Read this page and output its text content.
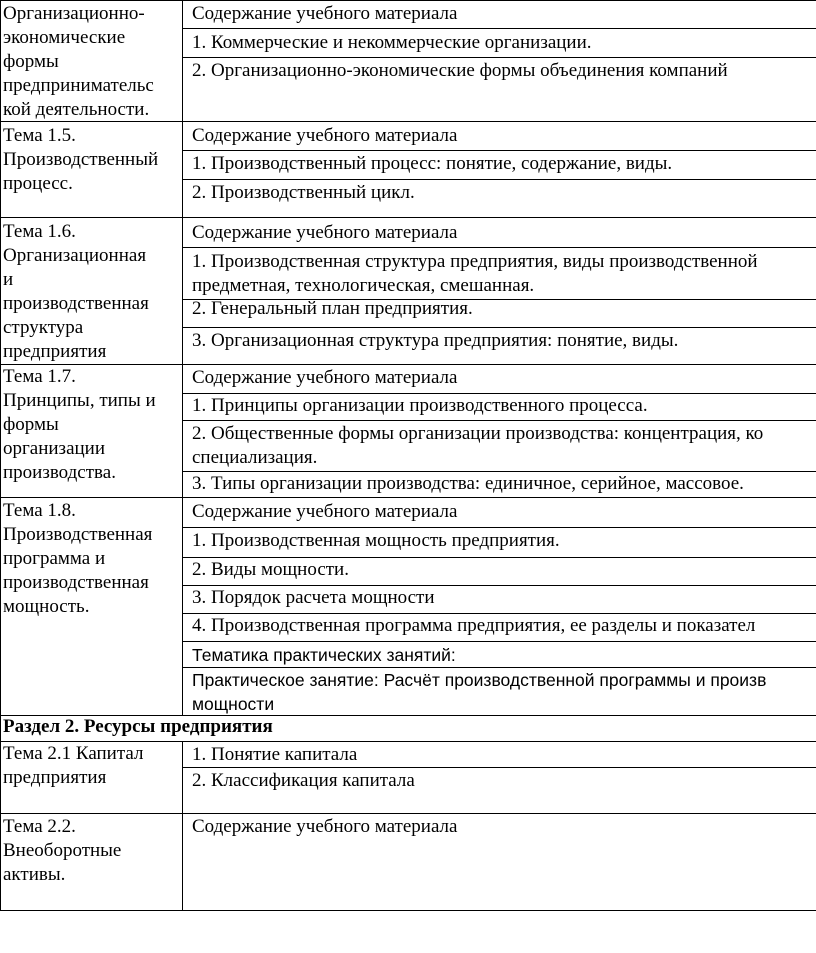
Организационно-
экономические
формы
предпринимательс
кой деятельности.
Содержание учебного материала
1. Коммерческие и некоммерческие организации.
2. Организационно-экономические формы объединения компаний
Тема 1.5.
Производственный
процесс.
Содержание учебного материала
1. Производственный процесс: понятие, содержание, виды.
2. Производственный цикл.
Тема 1.6.
Организационная
и
производственная
структура
предприятия
Содержание учебного материала
1. Производственная структура предприятия, виды производственной
предметная, технологическая, смешанная.
2. Генеральный план предприятия.
3. Организационная структура предприятия: понятие, виды.
Тема 1.7.
Принципы, типы и
формы
организации
производства.
Содержание учебного материала
1. Принципы организации производственного процесса.
2. Общественные формы организации производства: концентрация, ко
специализация.
3. Типы организации производства: единичное, серийное, массовое.
Тема 1.8.
Производственная
программа и
производственная
мощность.
Содержание учебного материала
1. Производственная мощность предприятия.
2. Виды мощности.
3. Порядок расчета мощности
4. Производственная программа предприятия, ее разделы и показател
Тематика практических занятий:
Практическое занятие: Расчёт производственной программы и произв
мощности
Раздел 2. Ресурсы предприятия
Тема 2.1 Капитал
предприятия
1. Понятие капитала
2. Классификация капитала
Тема 2.2.
Внеоборотные
активы.
Содержание учебного материала
